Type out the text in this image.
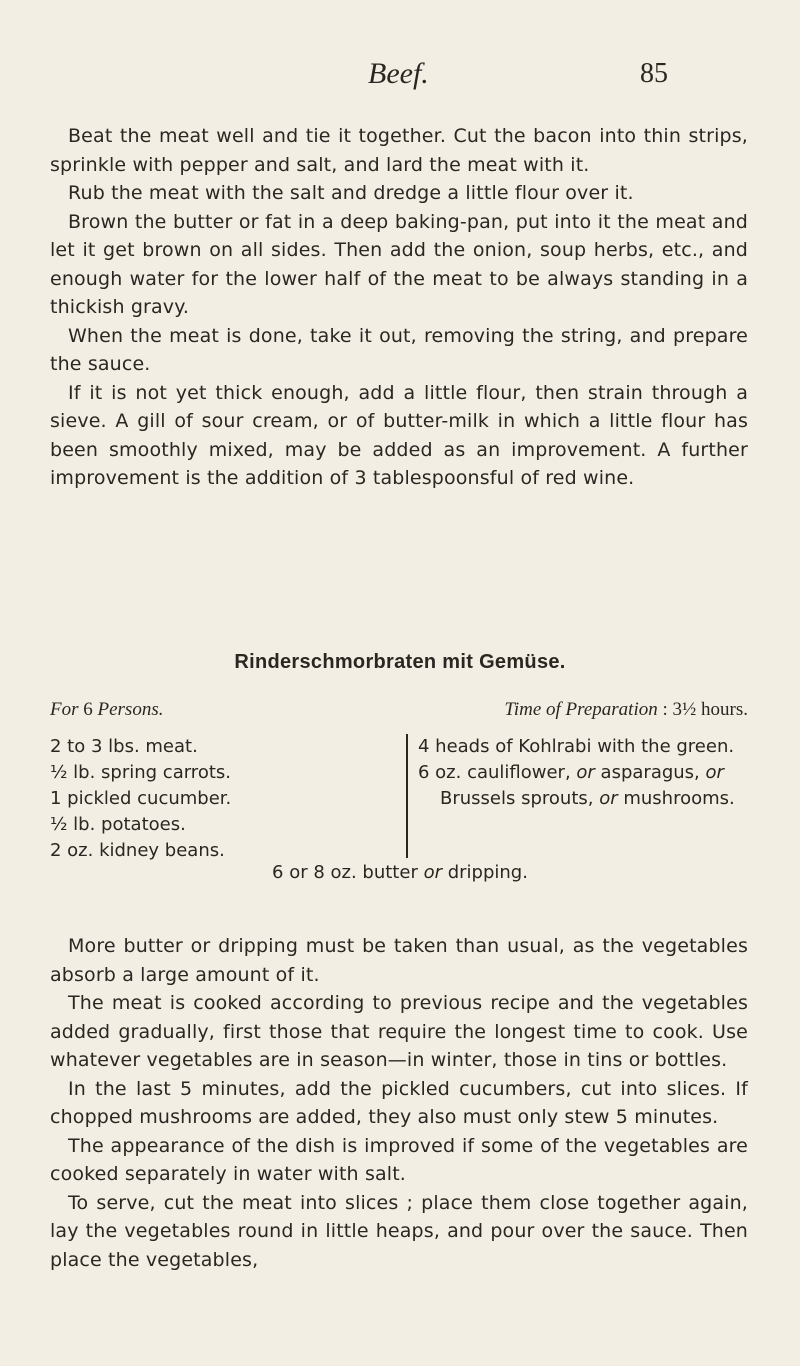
Beef.	85

Beat the meat well and tie it together. Cut the bacon into thin strips, sprinkle with pepper and salt, and lard the meat with it.

Rub the meat with the salt and dredge a little flour over it.

Brown the butter or fat in a deep baking-pan, put into it the meat and let it get brown on all sides. Then add the onion, soup herbs, etc., and enough water for the lower half of the meat to be always standing in a thickish gravy.

When the meat is done, take it out, removing the string, and prepare the sauce.

If it is not yet thick enough, add a little flour, then strain through a sieve. A gill of sour cream, or of butter-milk in which a little flour has been smoothly mixed, may be added as an improvement. A further improvement is the addition of 3 tablespoonsful of red wine.

Rinderschmorbraten mit Gemüse.
For 6 Persons.	Time of Preparation : 3½ hours.
2 to 3 lbs. meat.
½ lb. spring carrots.
1 pickled cucumber.
½ lb. potatoes.
2 oz. kidney beans.
4 heads of Kohlrabi with the green.
6 oz. cauliflower, or asparagus, or Brussels sprouts, or mushrooms.
6 or 8 oz. butter or dripping.

More butter or dripping must be taken than usual, as the vegetables absorb a large amount of it.

The meat is cooked according to previous recipe and the vegetables added gradually, first those that require the longest time to cook. Use whatever vegetables are in season—in winter, those in tins or bottles.

In the last 5 minutes, add the pickled cucumbers, cut into slices. If chopped mushrooms are added, they also must only stew 5 minutes.

The appearance of the dish is improved if some of the vegetables are cooked separately in water with salt.

To serve, cut the meat into slices ; place them close together again, lay the vegetables round in little heaps, and pour over the sauce. Then place the vegetables,
